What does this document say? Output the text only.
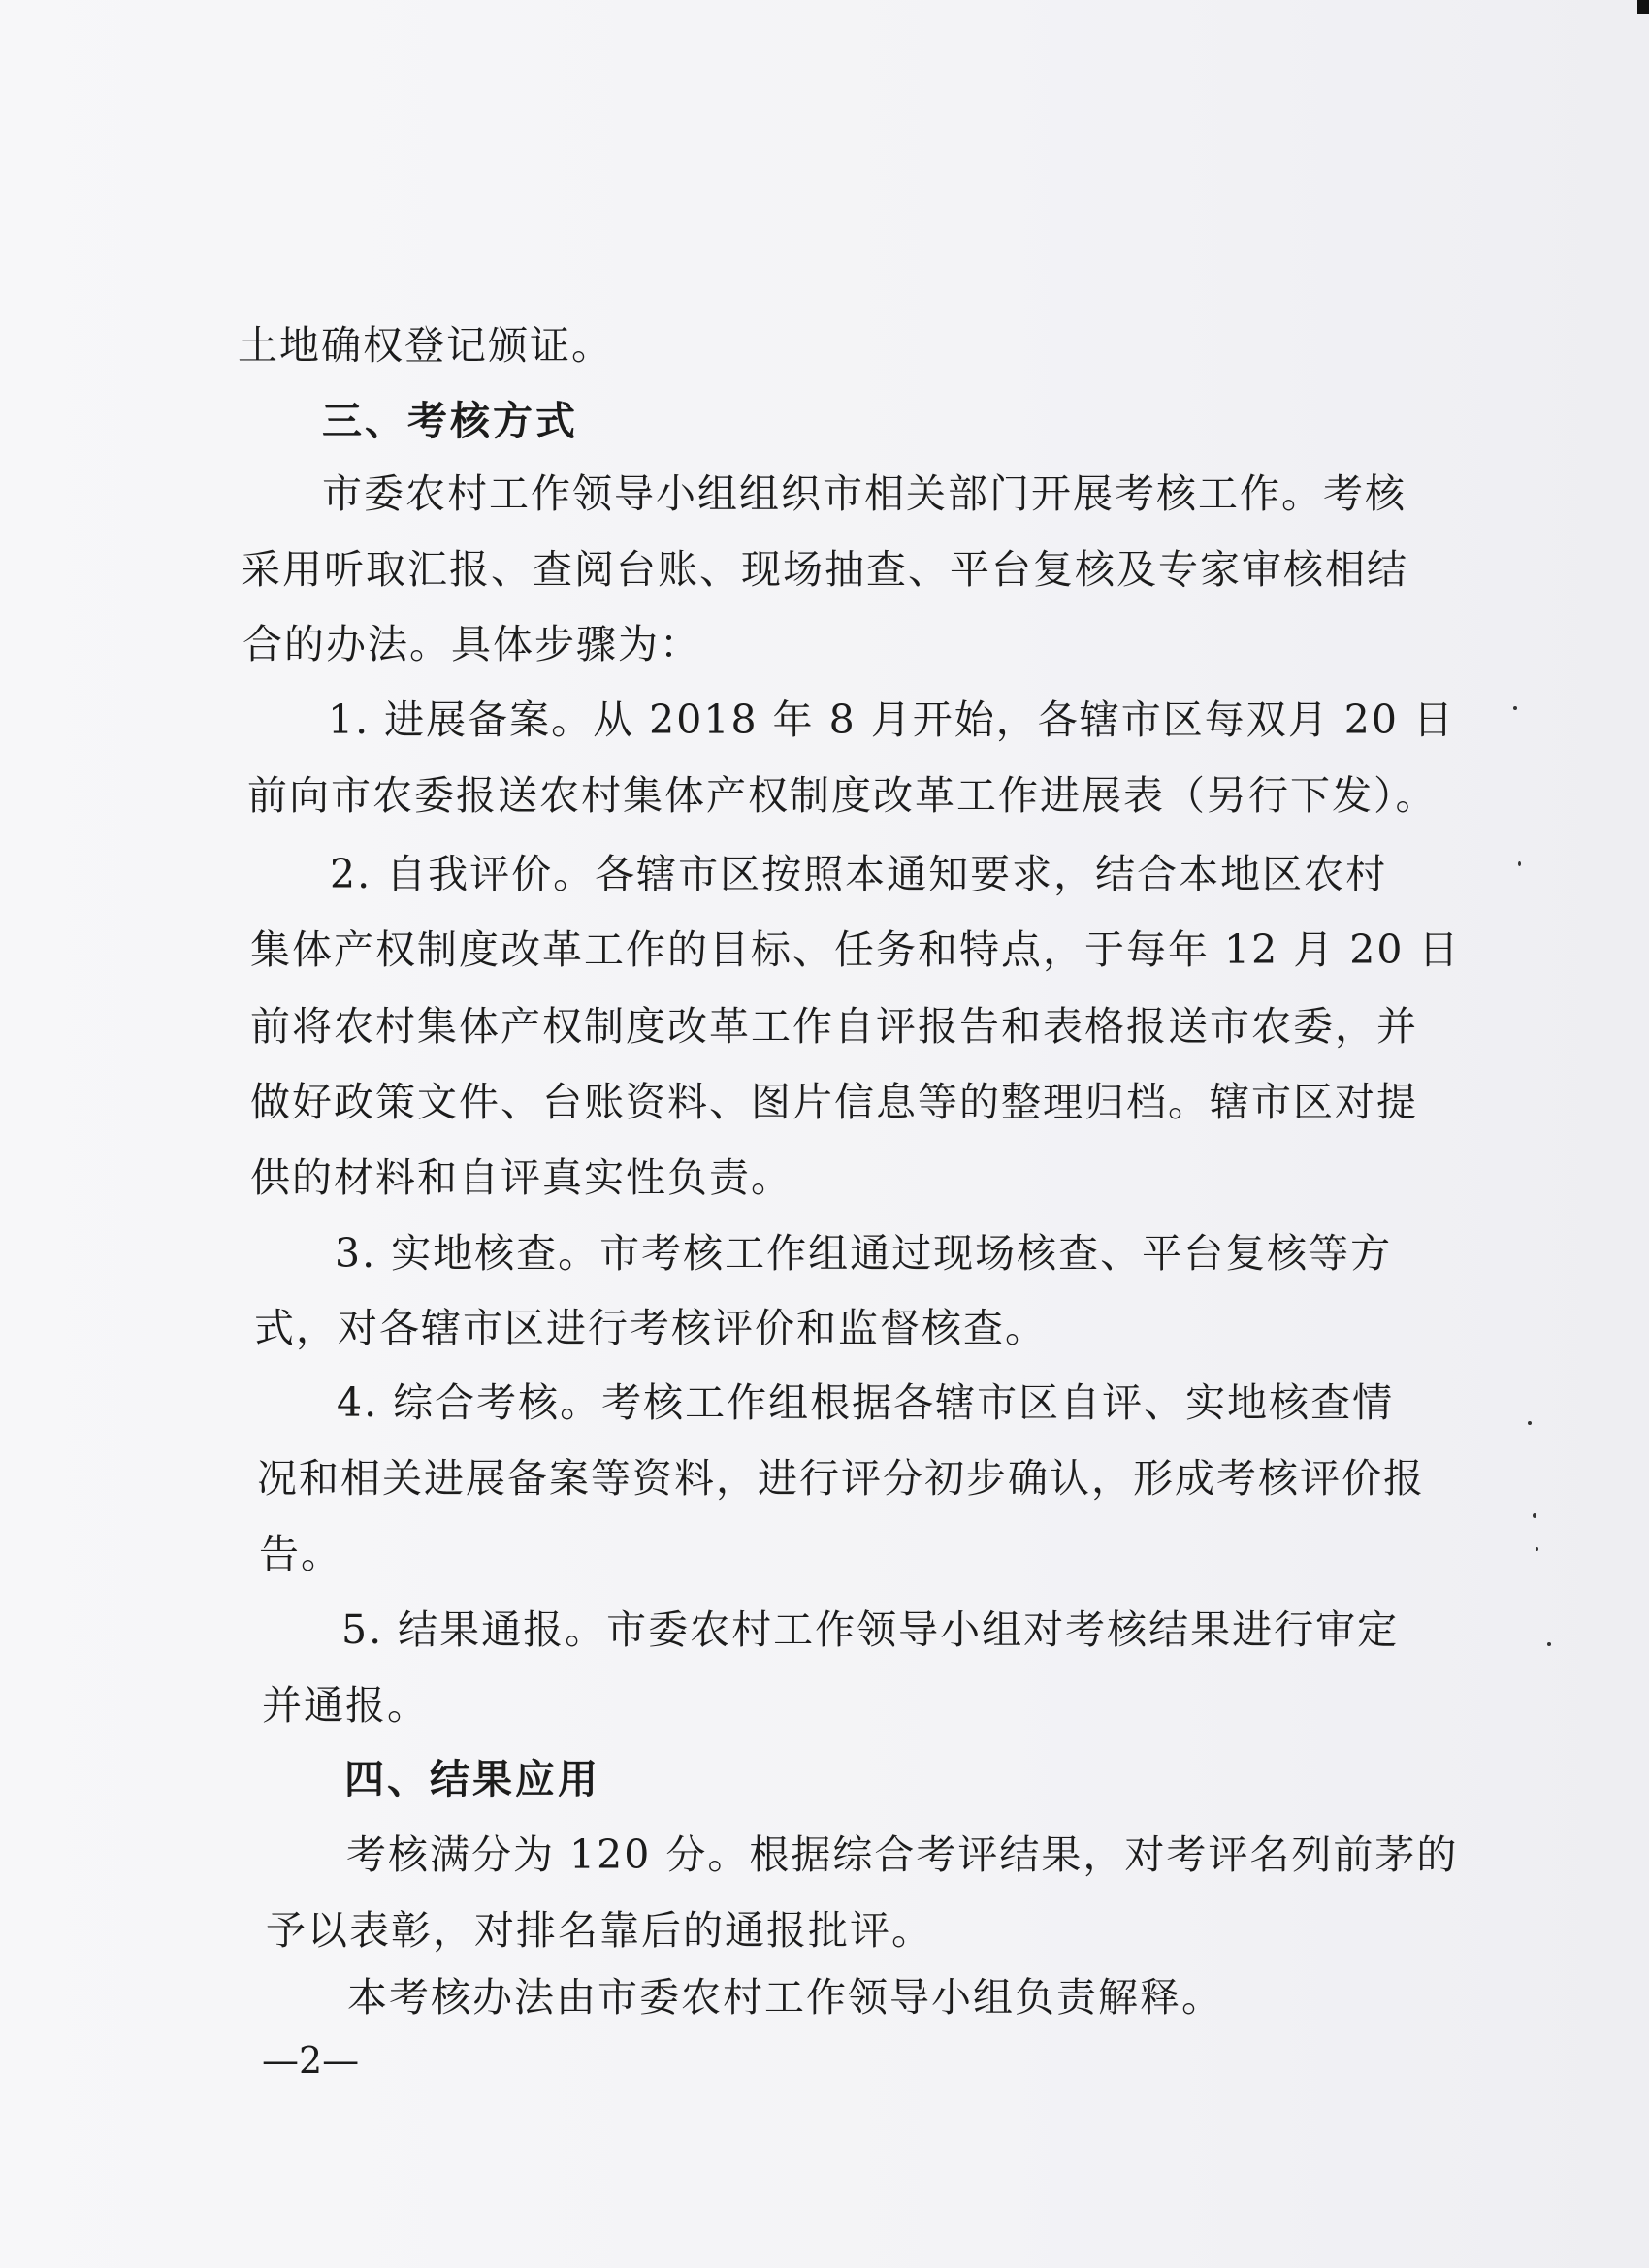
土地确权登记颁证。
三、考核方式
市委农村工作领导小组组织市相关部门开展考核工作。考核
采用听取汇报、查阅台账、现场抽查、平台复核及专家审核相结
合的办法。具体步骤为：
1. 进展备案。从 2018 年 8 月开始，各辖市区每双月 20 日
前向市农委报送农村集体产权制度改革工作进展表（另行下发）。
2. 自我评价。各辖市区按照本通知要求，结合本地区农村
集体产权制度改革工作的目标、任务和特点，于每年 12 月 20 日
前将农村集体产权制度改革工作自评报告和表格报送市农委，并
做好政策文件、台账资料、图片信息等的整理归档。辖市区对提
供的材料和自评真实性负责。
3. 实地核查。市考核工作组通过现场核查、平台复核等方
式，对各辖市区进行考核评价和监督核查。
4. 综合考核。考核工作组根据各辖市区自评、实地核查情
况和相关进展备案等资料，进行评分初步确认，形成考核评价报
告。
5. 结果通报。市委农村工作领导小组对考核结果进行审定
并通报。
四、结果应用
考核满分为 120 分。根据综合考评结果，对考评名列前茅的
予以表彰，对排名靠后的通报批评。
本考核办法由市委农村工作领导小组负责解释。
—2—
